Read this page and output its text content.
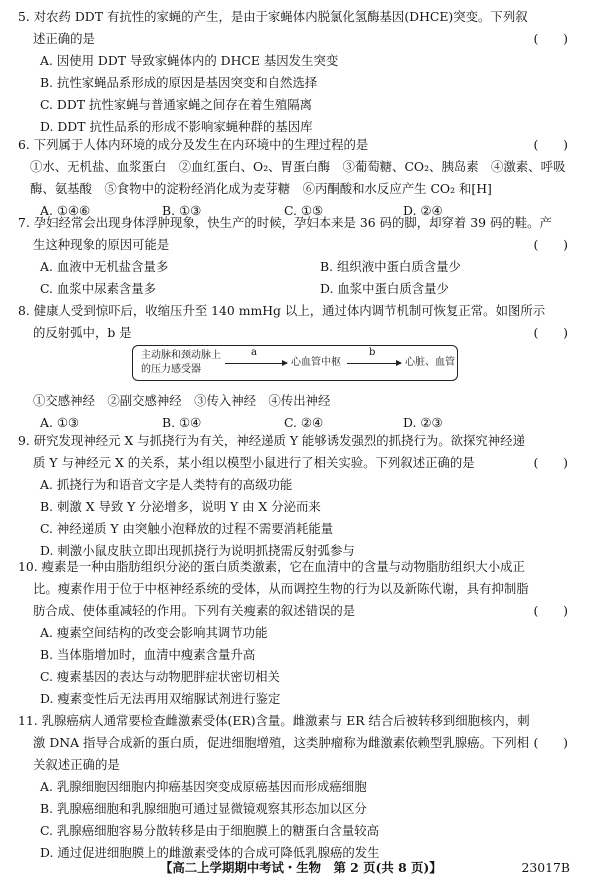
5. 对农药 DDT 有抗性的家蝇的产生，是由于家蝇体内脱氯化氢酶基因(DHCE)突变。下列叙
述正确的是	(　　)
A. 因使用 DDT 导致家蝇体内的 DHCE 基因发生突变
B. 抗性家蝇品系形成的原因是基因突变和自然选择
C. DDT 抗性家蝇与普通家蝇之间存在着生殖隔离
D. DDT 抗性品系的形成不影响家蝇种群的基因库
6. 下列属于人体内环境的成分及发生在内环境中的生理过程的是	(　　)
①水、无机盐、血浆蛋白　②血红蛋白、O₂、胃蛋白酶　③葡萄糖、CO₂、胰岛素　④激素、呼吸
酶、氨基酸　⑤食物中的淀粉经消化成为麦芽糖　⑥丙酮酸和水反应产生 CO₂ 和[H]
A. ①④⑥	B. ①③	C. ①⑤	D. ②④
7. 孕妇经常会出现身体浮肿现象，快生产的时候，孕妇本来是 36 码的脚，却穿着 39 码的鞋。产
生这种现象的原因可能是	(　　)
A. 血液中无机盐含量多	B. 组织液中蛋白质含量少
C. 血浆中尿素含量多	D. 血浆中蛋白质含量少
8. 健康人受到惊吓后，收缩压升至 140 mmHg 以上，通过体内调节机制可恢复正常。如图所示
的反射弧中，b 是	(　　)
主动脉和颈动脉上
的压力感受器
a
心血管中枢
b
心脏、血管
①交感神经　②副交感神经　③传入神经　④传出神经
A. ①③	B. ①④	C. ②④	D. ②③
9. 研究发现神经元 X 与抓挠行为有关，神经递质 Y 能够诱发强烈的抓挠行为。欲探究神经递
质 Y 与神经元 X 的关系，某小组以模型小鼠进行了相关实验。下列叙述正确的是	(　　)
A. 抓挠行为和语音文字是人类特有的高级功能
B. 刺激 X 导致 Y 分泌增多，说明 Y 由 X 分泌而来
C. 神经递质 Y 由突触小泡释放的过程不需要消耗能量
D. 刺激小鼠皮肤立即出现抓挠行为说明抓挠需反射弧参与
10. 瘦素是一种由脂肪组织分泌的蛋白质类激素，它在血清中的含量与动物脂肪组织大小成正
比。瘦素作用于位于中枢神经系统的受体，从而调控生物的行为以及新陈代谢，具有抑制脂
肪合成、使体重减轻的作用。下列有关瘦素的叙述错误的是	(　　)
A. 瘦素空间结构的改变会影响其调节功能
B. 当体脂增加时，血清中瘦素含量升高
C. 瘦素基因的表达与动物肥胖症状密切相关
D. 瘦素变性后无法再用双缩脲试剂进行鉴定
11. 乳腺癌病人通常要检查雌激素受体(ER)含量。雌激素与 ER 结合后被转移到细胞核内，刺
激 DNA 指导合成新的蛋白质，促进细胞增殖，这类肿瘤称为雌激素依赖型乳腺癌。下列相
关叙述正确的是
(　　)
A. 乳腺细胞因细胞内抑癌基因突变成原癌基因而形成癌细胞
B. 乳腺癌细胞和乳腺细胞可通过显微镜观察其形态加以区分
C. 乳腺癌细胞容易分散转移是由于细胞膜上的糖蛋白含量较高
D. 通过促进细胞膜上的雌激素受体的合成可降低乳腺癌的发生
【高二上学期期中考试・生物　第 2 页(共 8 页)】	23017B
